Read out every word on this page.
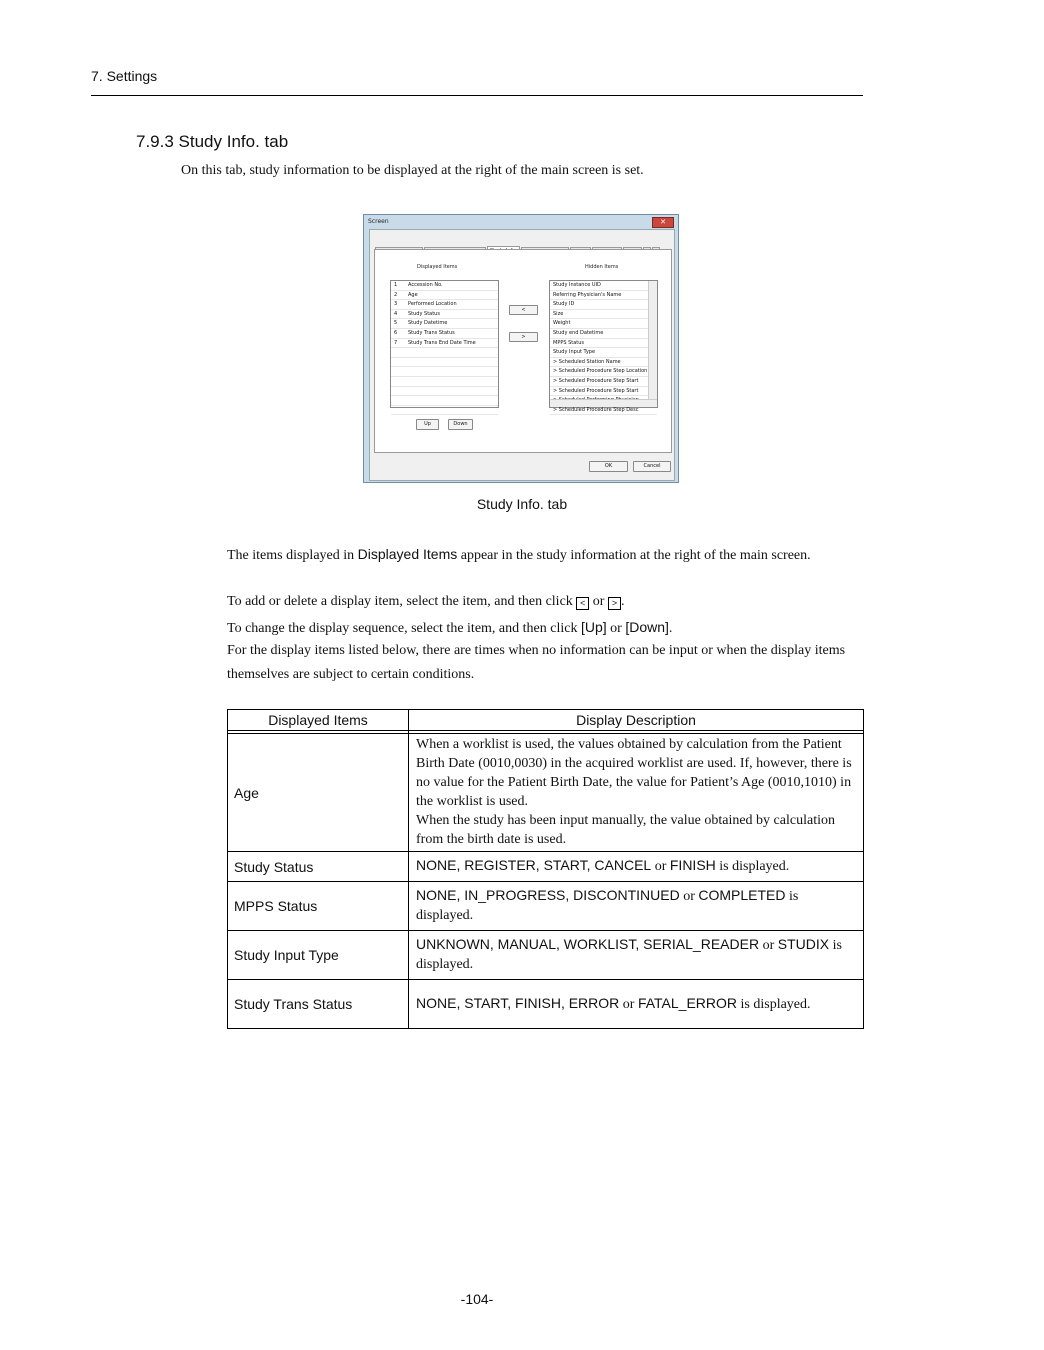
7. Settings
7.9.3 Study Info. tab
On this tab, study information to be displayed at the right of the main screen is set.
Screen	✕
Displayed Items	Hidden Items
1 Accession No.
2 Age
3 Performed Location
4 Study Status
5 Study Datetime
6 Study Trans Status
7 Study Trans End Date Time
<
>
Study Instance UID
Referring Physician's Name
Study ID
Size
Weight
Study end Datetime
MPPS Status
Study Input Type
> Scheduled Station Name
> Scheduled Procedure Step Location
> Scheduled Procedure Step Start
> Scheduled Procedure Step Start
> Scheduled Procedure Step Desc
Up	Down
OK	Cancel
Study Info. tab
The items displayed in Displayed Items appear in the study information at the right of the main screen.
To add or delete a display item, select the item, and then click < or > .
To change the display sequence, select the item, and then click [Up] or [Down].
For the display items listed below, there are times when no information can be input or when the display items themselves are subject to certain conditions.
Displayed Items	Display Description

Age	When a worklist is used, the values obtained by calculation from the Patient Birth Date (0010,0030) in the acquired worklist are used. If, however, there is no value for the Patient Birth Date, the value for Patient’s Age (0010,1010) in the worklist is used.
When the study has been input manually, the value obtained by calculation from the birth date is used.

Study Status	NONE, REGISTER, START, CANCEL or FINISH is displayed.
MPPS Status	NONE, IN_PROGRESS, DISCONTINUED or COMPLETED is displayed.
Study Input Type	UNKNOWN, MANUAL, WORKLIST, SERIAL_READER or STUDIX is displayed.
Study Trans Status	NONE, START, FINISH, ERROR or FATAL_ERROR is displayed.
-104-
